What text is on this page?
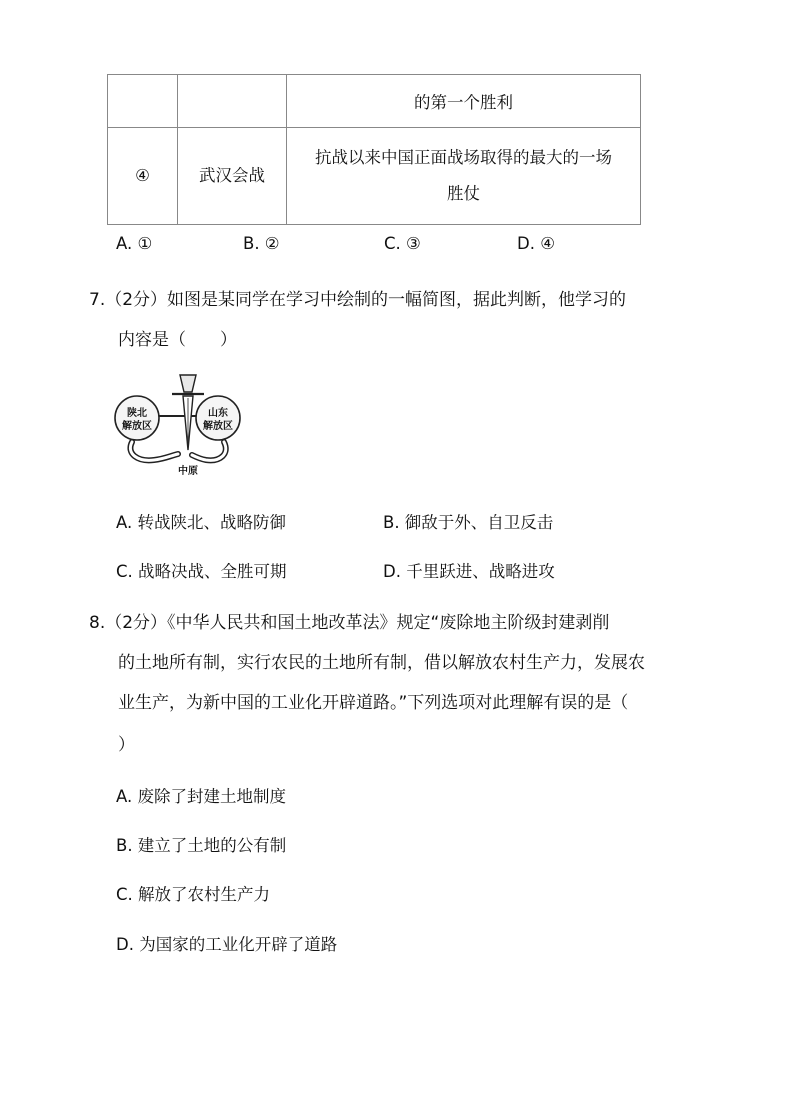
		的第一个胜利
④	武汉会战	抗战以来中国正面战场取得的最大的一场
胜仗
A. ①	B. ②	C. ③	D. ④
7.（2分）如图是某同学在学习中绘制的一幅简图，据此判断，他学习的
内容是（　　）
陕北
解放区
山东
解放区
中原
A. 转战陕北、战略防御	B. 御敌于外、自卫反击
C. 战略决战、全胜可期	D. 千里跃进、战略进攻
8.（2分）《中华人民共和国土地改革法》规定“废除地主阶级封建剥削
的土地所有制，实行农民的土地所有制，借以解放农村生产力，发展农
业生产，为新中国的工业化开辟道路。”下列选项对此理解有误的是（
）
A. 废除了封建土地制度
B. 建立了土地的公有制
C. 解放了农村生产力
D. 为国家的工业化开辟了道路
